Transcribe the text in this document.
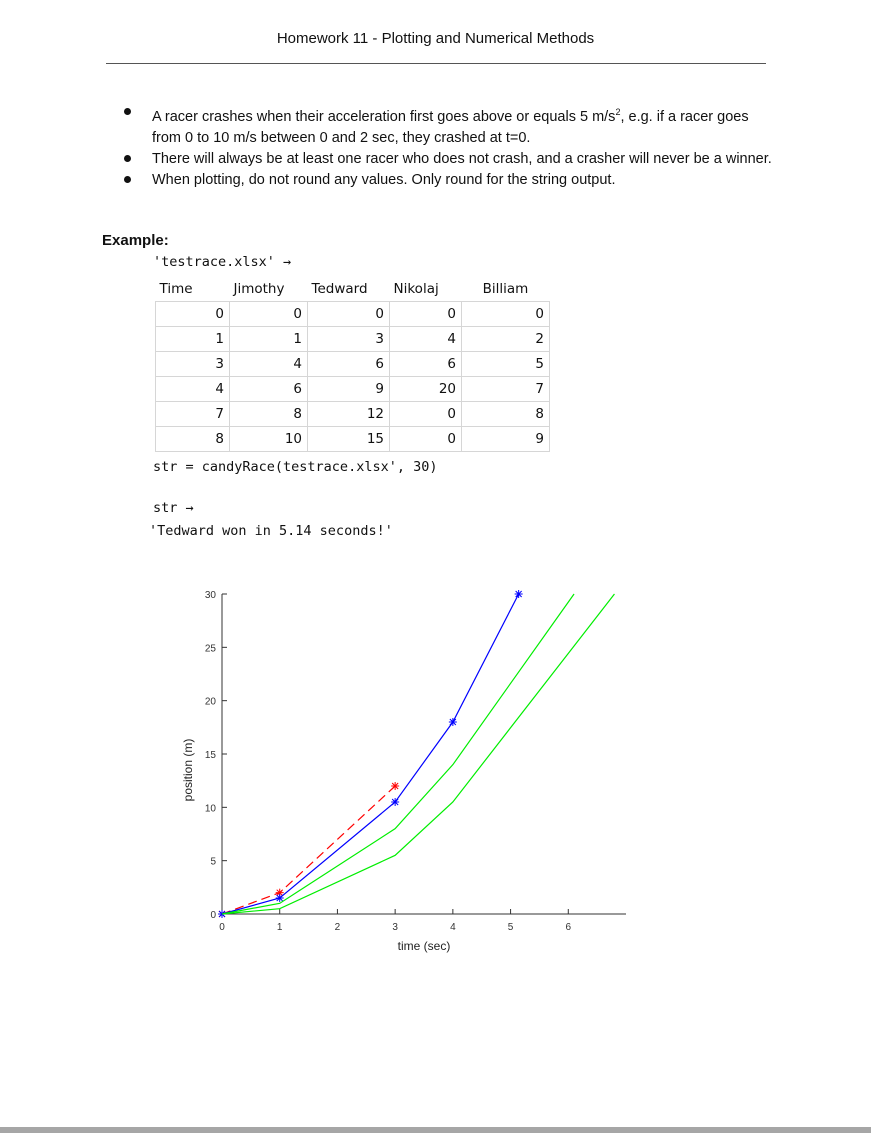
Homework 11 - Plotting and Numerical Methods
A racer crashes when their acceleration first goes above or equals 5 $m/s^2$, e.g. if a racer goes from 0 to 10 m/s between 0 and 2 sec, they crashed at t=0.
There will always be at least one racer who does not crash, and a crasher will never be a winner.
When plotting, do not round any values. Only round for the string output.
Example:
'testrace.xlsx' →
Time	Jimothy	Tedward	Nikolaj	Billiam
0	0	0	0	0
1	1	3	4	2
3	4	6	6	5
4	6	9	20	7
7	8	12	0	8
8	10	15	0	9
str = candyRace(testrace.xlsx', 30)
str →
'Tedward won in 5.14 seconds!'
0
5
10
15
20
25
30
0	1	2	3	4	5	6
time (sec)
position (m)
